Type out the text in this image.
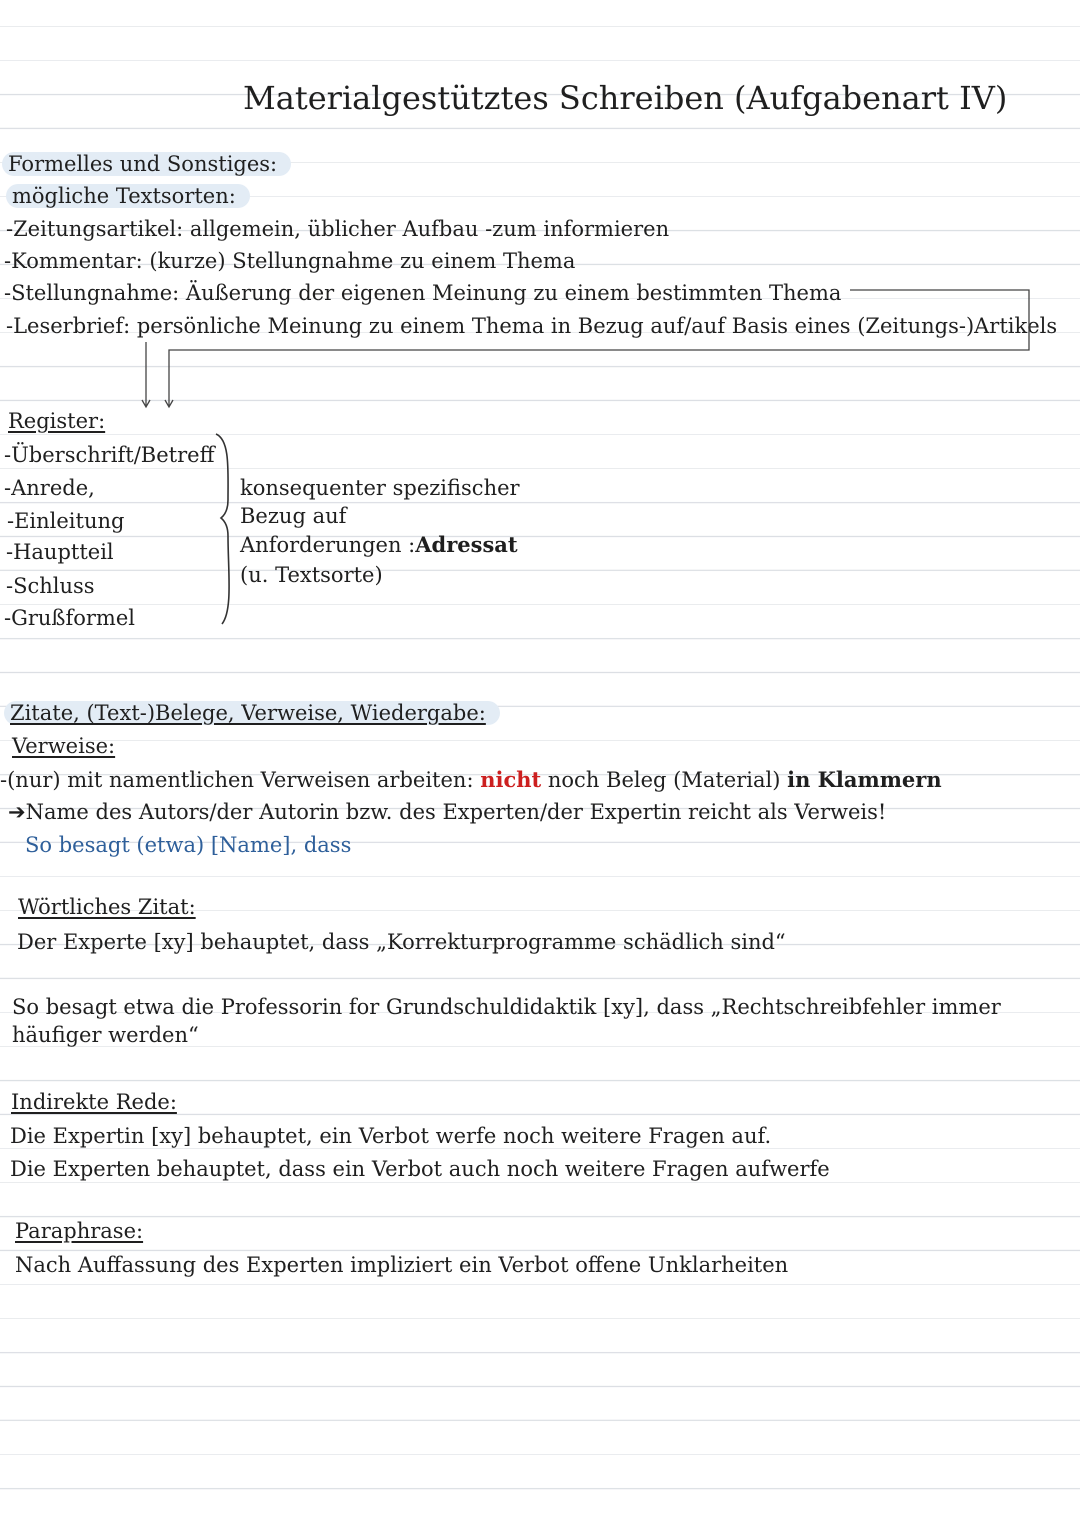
Materialgestütztes Schreiben (Aufgabenart IV)
Formelles und Sonstiges:
mögliche Textsorten:
-Zeitungsartikel: allgemein, üblicher Aufbau -zum informieren
-Kommentar: (kurze) Stellungnahme zu einem Thema
-Stellungnahme: Äußerung der eigenen Meinung zu einem bestimmten Thema
-Leserbrief: persönliche Meinung zu einem Thema in Bezug auf/auf Basis eines (Zeitungs-)Artikels
Register:
-Überschrift/Betreff
-Anrede,
-Einleitung
-Hauptteil
-Schluss
-Grußformel
konsequenter spezifischer
Bezug auf
Anforderungen :Adressat
(u. Textsorte)
Zitate, (Text-)Belege, Verweise, Wiedergabe:
Verweise:
-(nur) mit namentlichen Verweisen arbeiten: nicht noch Beleg (Material) in Klammern
➔Name des Autors/der Autorin bzw. des Experten/der Expertin reicht als Verweis!
So besagt (etwa) [Name], dass
Wörtliches Zitat:
Der Experte [xy] behauptet, dass „Korrekturprogramme schädlich sind“
So besagt etwa die Professorin for Grundschuldidaktik [xy], dass „Rechtschreibfehler immer
häufiger werden“
Indirekte Rede:
Die Expertin [xy] behauptet, ein Verbot werfe noch weitere Fragen auf.
Die Experten behauptet, dass ein Verbot auch noch weitere Fragen aufwerfe
Paraphrase:
Nach Auffassung des Experten impliziert ein Verbot offene Unklarheiten
